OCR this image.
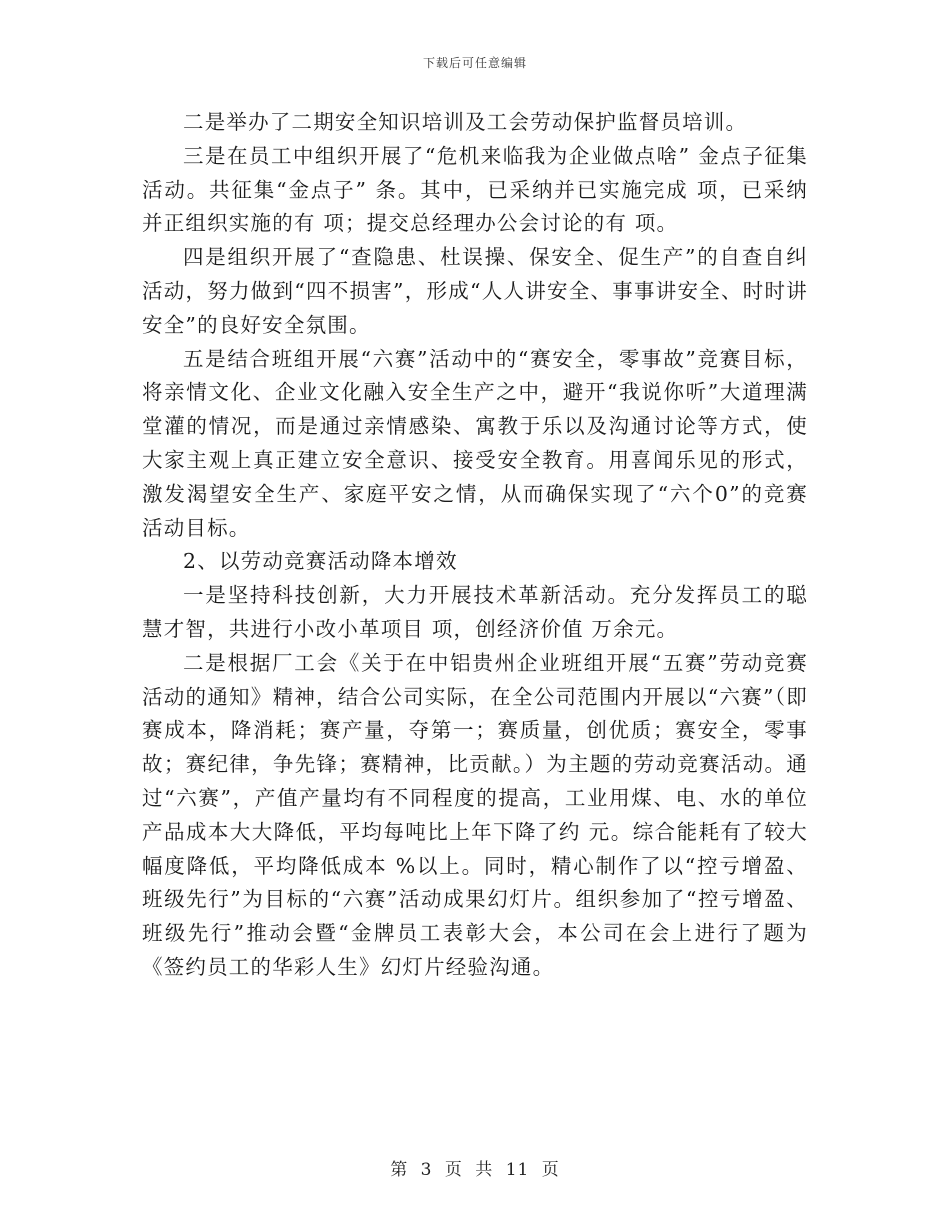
下载后可任意编辑

二是举办了二期安全知识培训及工会劳动保护监督员培训。

三是在员工中组织开展了“危机来临我为企业做点啥” 金点子征集活动。共征集“金点子” 条。其中，已采纳并已实施完成 项，已采纳并正组织实施的有 项；提交总经理办公会讨论的有 项。

四是组织开展了“查隐患、杜误操、保安全、促生产”的自查自纠活动，努力做到“四不损害”，形成“人人讲安全、事事讲安全、时时讲安全”的良好安全氛围。

五是结合班组开展“六赛”活动中的“赛安全，零事故”竞赛目标，将亲情文化、企业文化融入安全生产之中，避开“我说你听”大道理满堂灌的情况，而是通过亲情感染、寓教于乐以及沟通讨论等方式，使大家主观上真正建立安全意识、接受安全教育。用喜闻乐见的形式，激发渴望安全生产、家庭平安之情，从而确保实现了“六个0”的竞赛活动目标。

2、以劳动竞赛活动降本增效

一是坚持科技创新，大力开展技术革新活动。充分发挥员工的聪慧才智，共进行小改小革项目 项，创经济价值 万余元。

二是根据厂工会《关于在中铝贵州企业班组开展“五赛”劳动竞赛活动的通知》精神，结合公司实际，在全公司范围内开展以“六赛”（即赛成本，降消耗；赛产量，夺第一；赛质量，创优质；赛安全，零事故；赛纪律，争先锋；赛精神，比贡献。）为主题的劳动竞赛活动。通过“六赛”，产值产量均有不同程度的提高，工业用煤、电、水的单位产品成本大大降低，平均每吨比上年下降了约 元。综合能耗有了较大幅度降低，平均降低成本 %以上。同时，精心制作了以“控亏增盈、班级先行”为目标的“六赛”活动成果幻灯片。组织参加了“控亏增盈、班级先行”推动会暨“金牌员工表彰大会，本公司在会上进行了题为《签约员工的华彩人生》幻灯片经验沟通。

第 3 页 共 11 页
